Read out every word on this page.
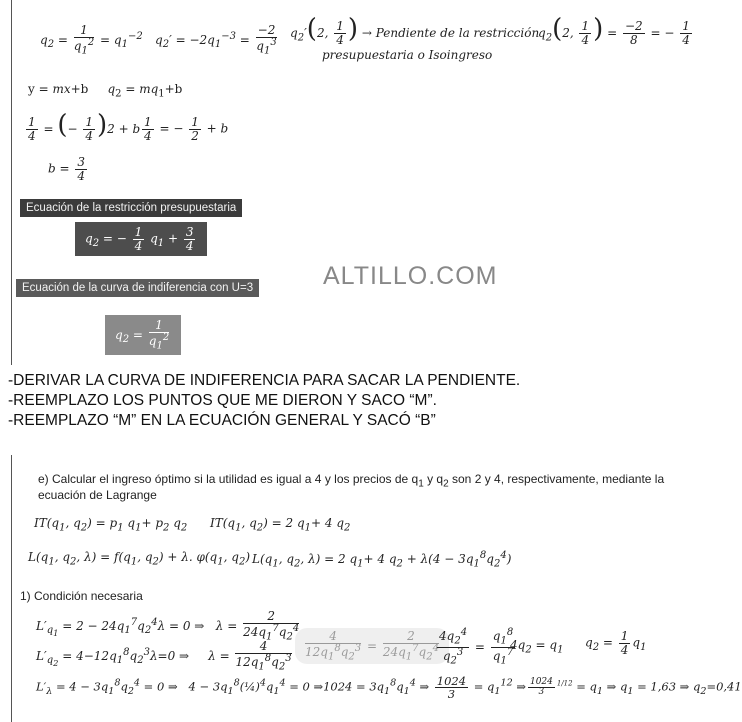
$q_2 = \frac{1}{q_1^2} = q_1^{-2}$ $q_2' = -2q_1^{-3} = \frac{-2}{q_1^3} q_2'(2$, $\frac{1}{4}$ ) → Pendiente de la restricción
presupuestaria o Isoingreso
$q_2(2$, $\frac{1}{4}$ ) = $\frac{-2}{8}$ = − $\frac{1}{4}$
y = mx+b     $q_2 = mq_1+b$
$\frac{1}{4}$ = (− $\frac{1}{4} )2 + b \frac{1}{4}$ = − $\frac{1}{2} + b$
$b = \frac{3}{4}$
Ecuación de la restricción presupuestaria
$q_2$ = − $\frac{1}{4} q_1 + \frac{3}{4}$
Ecuación de la curva de indiferencia con U=3
$q_2 = \frac{1}{q_1^2}$
ALTILLO.COM
-DERIVAR LA CURVA DE INDIFERENCIA PARA SACAR LA PENDIENTE.
-REEMPLAZO LOS PUNTOS QUE ME DIERON Y SACO “M”.
-REEMPLAZO “M” EN LA ECUACIÓN GENERAL Y SACÓ “B”
e) Calcular el ingreso óptimo si la utilidad es igual a 4 y los precios de $q_1$ y $q_2$ son 2 y 4, respectivamente, mediante la
ecuación de Lagrange
$IT(q_1$, $q_2) = p_1$ $q_1+ p_2$ $q_2$ $IT(q_1$, $q_2) = 2$ $q_1+ 4$ $q_2$
$L(q_1$, $q_2$, $\lambda) = f(q_1$, $q_2) + \lambda$. $\varphi(q_1$, $q_2$) $L(q_1$, $q_2$, λ) = 2 $q_1+ 4$ $q_2 + \lambda(4 - 3q_1^8q_2^4)$
1) Condición necesaria
$L'_{q_1} = 2 - 24q_1^7q_2^4\lambda = 0$ ⇒   $\lambda = \frac{2}{24q_1^7q_2^4}$
$L'_{q_2} = 4-12q_1^8q_2^3\lambda=0$ ⇒     $\lambda = \frac{4}{12q_1^8q_2^3} \frac{4}{12q_1^8q_2^3} = \frac{2}{24q_1^7q_2^4}$
$\frac{4q_2^4}{q_2^3} = \frac{q_1^8}{q_1^7}$
$4q_2 = q_1$
$q_2 = \frac{1}{4} q_1$
$L'_\lambda = 4 - 3q_1^8q_2^4 = 0$ ⇒   $4 - 3q_1^8(\frac{1}{4})^4q_1^4 = 0$ ⇒1024 = $3q_1^8q_1^4$ ⇒ $\frac{1024}{3} = q_1^{12}$ ⇒ $\frac{1024}{3} ^{1/12} = q_1$ ⇒ $q_1 = 1,63$ ⇒ $q_2=0,41$
